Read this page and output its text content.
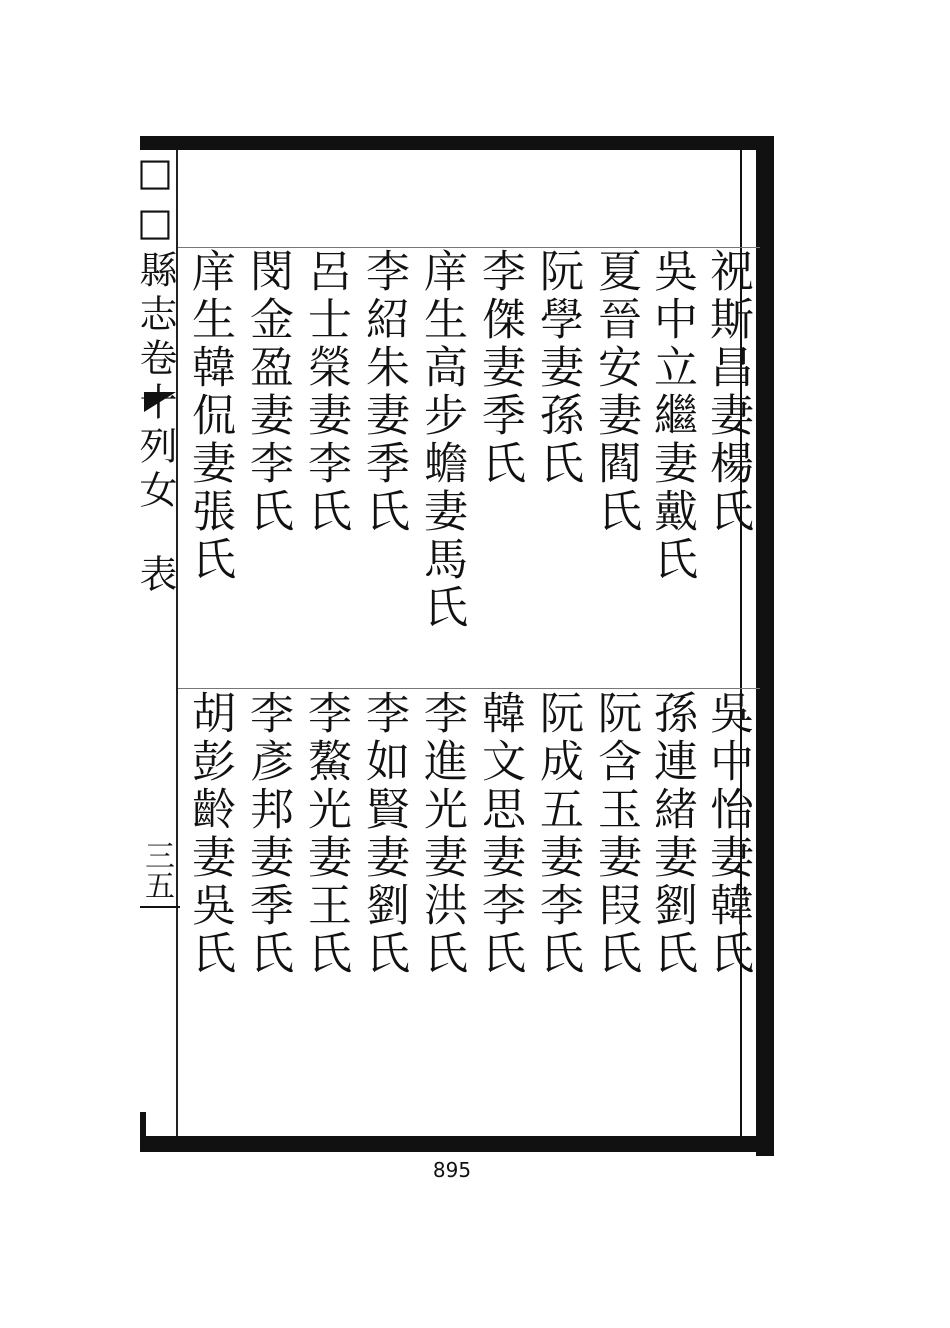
□□縣志卷十列女表
三五
祝斯昌妻楊氏
吳中立繼妻戴氏
夏晉安妻閻氏
阮學妻孫氏
李傑妻季氏
庠生高步蟾妻馬氏
李紹朱妻季氏
呂士榮妻李氏
閔金盈妻李氏
庠生韓侃妻張氏
吳中怡妻韓氏
孫連緒妻劉氏
阮含玉妻叚氏
阮成五妻李氏
韓文思妻李氏
李進光妻洪氏
李如賢妻劉氏
李鰲光妻王氏
李彥邦妻季氏
胡彭齡妻吳氏
895
